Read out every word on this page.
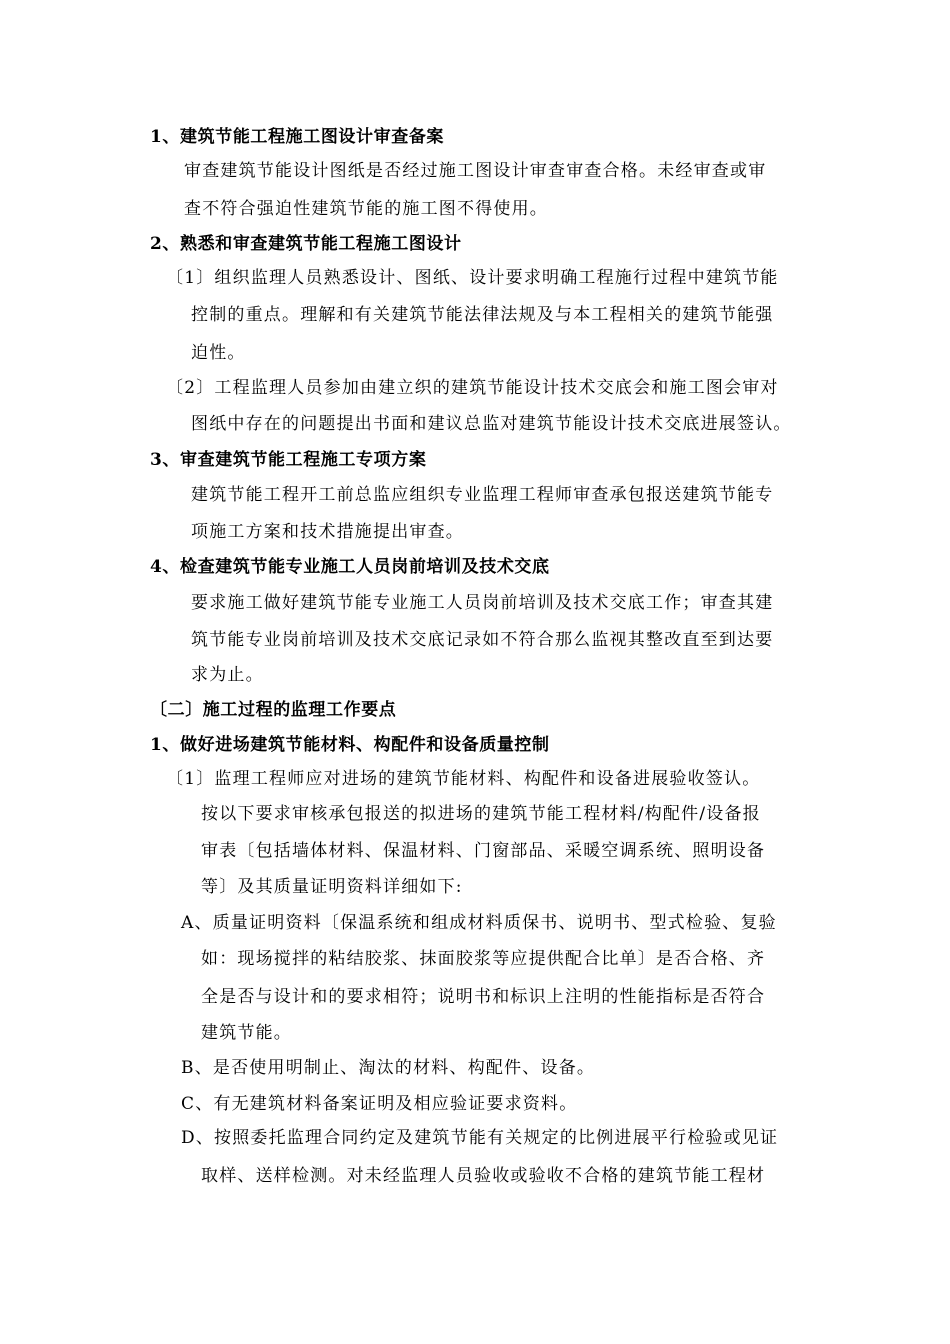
1、建筑节能工程施工图设计审查备案
审查建筑节能设计图纸是否经过施工图设计审查审查合格。未经审查或审
查不符合强迫性建筑节能的施工图不得使用。
2、熟悉和审查建筑节能工程施工图设计
〔1〕组织监理人员熟悉设计、图纸、设计要求明确工程施行过程中建筑节能
控制的重点。理解和有关建筑节能法律法规及与本工程相关的建筑节能强
迫性。
〔2〕工程监理人员参加由建立织的建筑节能设计技术交底会和施工图会审对
图纸中存在的问题提出书面和建议总监对建筑节能设计技术交底进展签认。
3、审查建筑节能工程施工专项方案
建筑节能工程开工前总监应组织专业监理工程师审查承包报送建筑节能专
项施工方案和技术措施提出审查。
4、检查建筑节能专业施工人员岗前培训及技术交底
要求施工做好建筑节能专业施工人员岗前培训及技术交底工作；审查其建
筑节能专业岗前培训及技术交底记录如不符合那么监视其整改直至到达要
求为止。
〔二〕施工过程的监理工作要点
1、做好进场建筑节能材料、构配件和设备质量控制
〔1〕监理工程师应对进场的建筑节能材料、构配件和设备进展验收签认。
按以下要求审核承包报送的拟进场的建筑节能工程材料/构配件/设备报
审表〔包括墙体材料、保温材料、门窗部品、采暖空调系统、照明设备
等〕及其质量证明资料详细如下:
A、质量证明资料〔保温系统和组成材料质保书、说明书、型式检验、复验
如：现场搅拌的粘结胶浆、抹面胶浆等应提供配合比单〕是否合格、齐
全是否与设计和的要求相符；说明书和标识上注明的性能指标是否符合
建筑节能。
B、是否使用明制止、淘汰的材料、构配件、设备。
C、有无建筑材料备案证明及相应验证要求资料。
D、按照委托监理合同约定及建筑节能有关规定的比例进展平行检验或见证
取样、送样检测。对未经监理人员验收或验收不合格的建筑节能工程材
